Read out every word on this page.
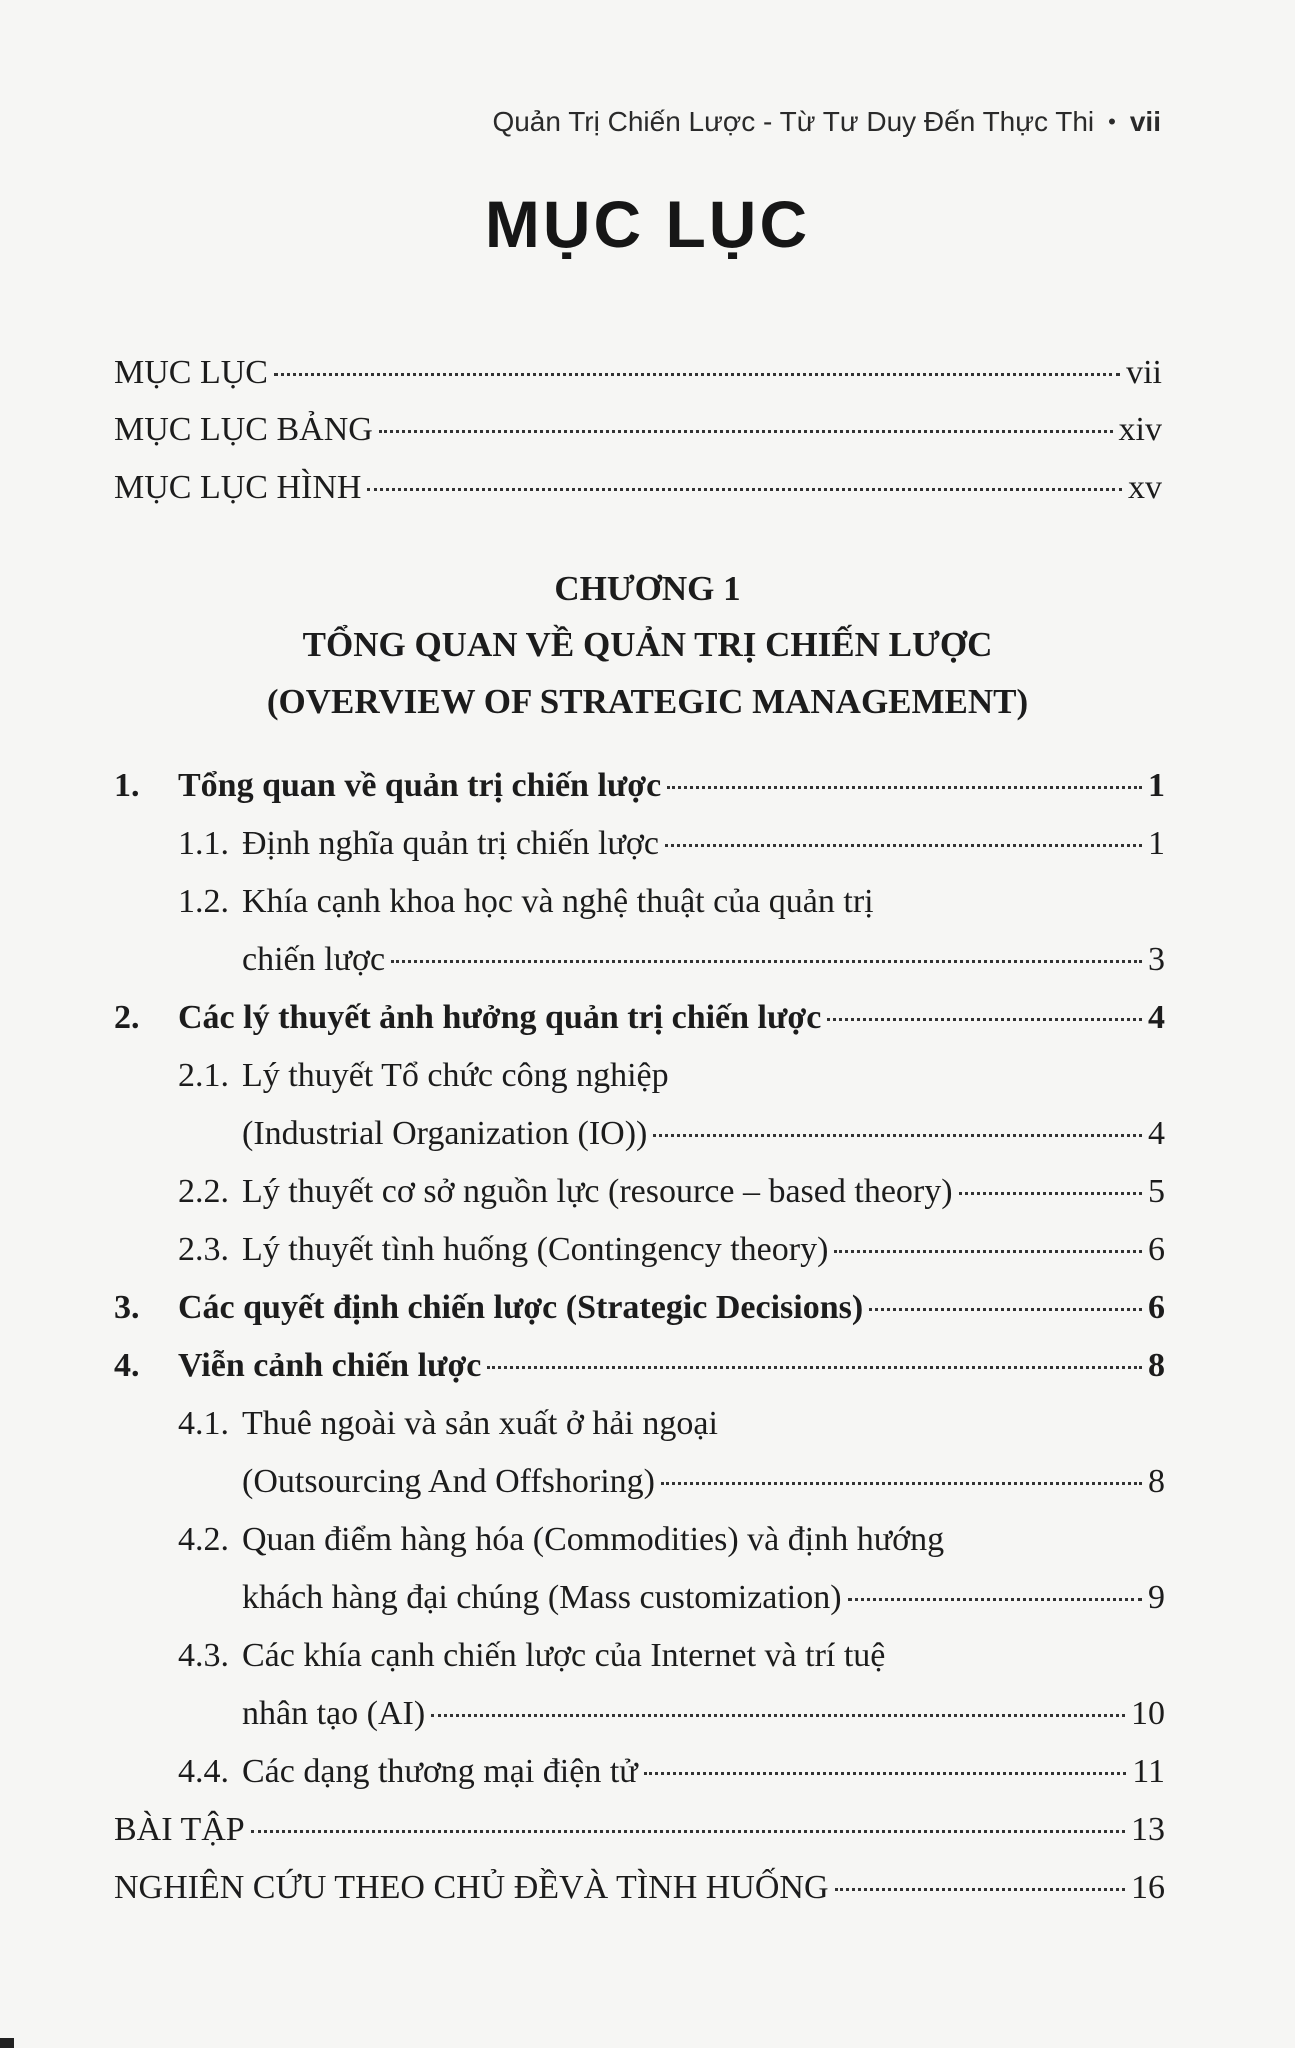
Quản Trị Chiến Lược - Từ Tư Duy Đến Thực Thi • vii
MỤC LỤC
MỤC LỤC	vii
MỤC LỤC BẢNG	xiv
MỤC LỤC HÌNH	xv
CHƯƠNG 1
TỔNG QUAN VỀ QUẢN TRỊ CHIẾN LƯỢC
(OVERVIEW OF STRATEGIC MANAGEMENT)
1.	Tổng quan về quản trị chiến lược	1
1.1. Định nghĩa quản trị chiến lược	1
1.2. Khía cạnh khoa học và nghệ thuật của quản trị
chiến lược	3
2.	Các lý thuyết ảnh hưởng quản trị chiến lược	4
2.1. Lý thuyết Tổ chức công nghiệp
(Industrial Organization (IO))	4
2.2. Lý thuyết cơ sở nguồn lực (resource – based theory)	5
2.3. Lý thuyết tình huống (Contingency theory)	6
3.	Các quyết định chiến lược (Strategic Decisions)	6
4.	Viễn cảnh chiến lược	8
4.1. Thuê ngoài và sản xuất ở hải ngoại
(Outsourcing And Offshoring)	8
4.2. Quan điểm hàng hóa (Commodities) và định hướng
khách hàng đại chúng (Mass customization)	9
4.3. Các khía cạnh chiến lược của Internet và trí tuệ
nhân tạo (AI)	10
4.4. Các dạng thương mại điện tử	11
BÀI TẬP	13
NGHIÊN CỨU THEO CHỦ ĐỀVÀ TÌNH HUỐNG	16
